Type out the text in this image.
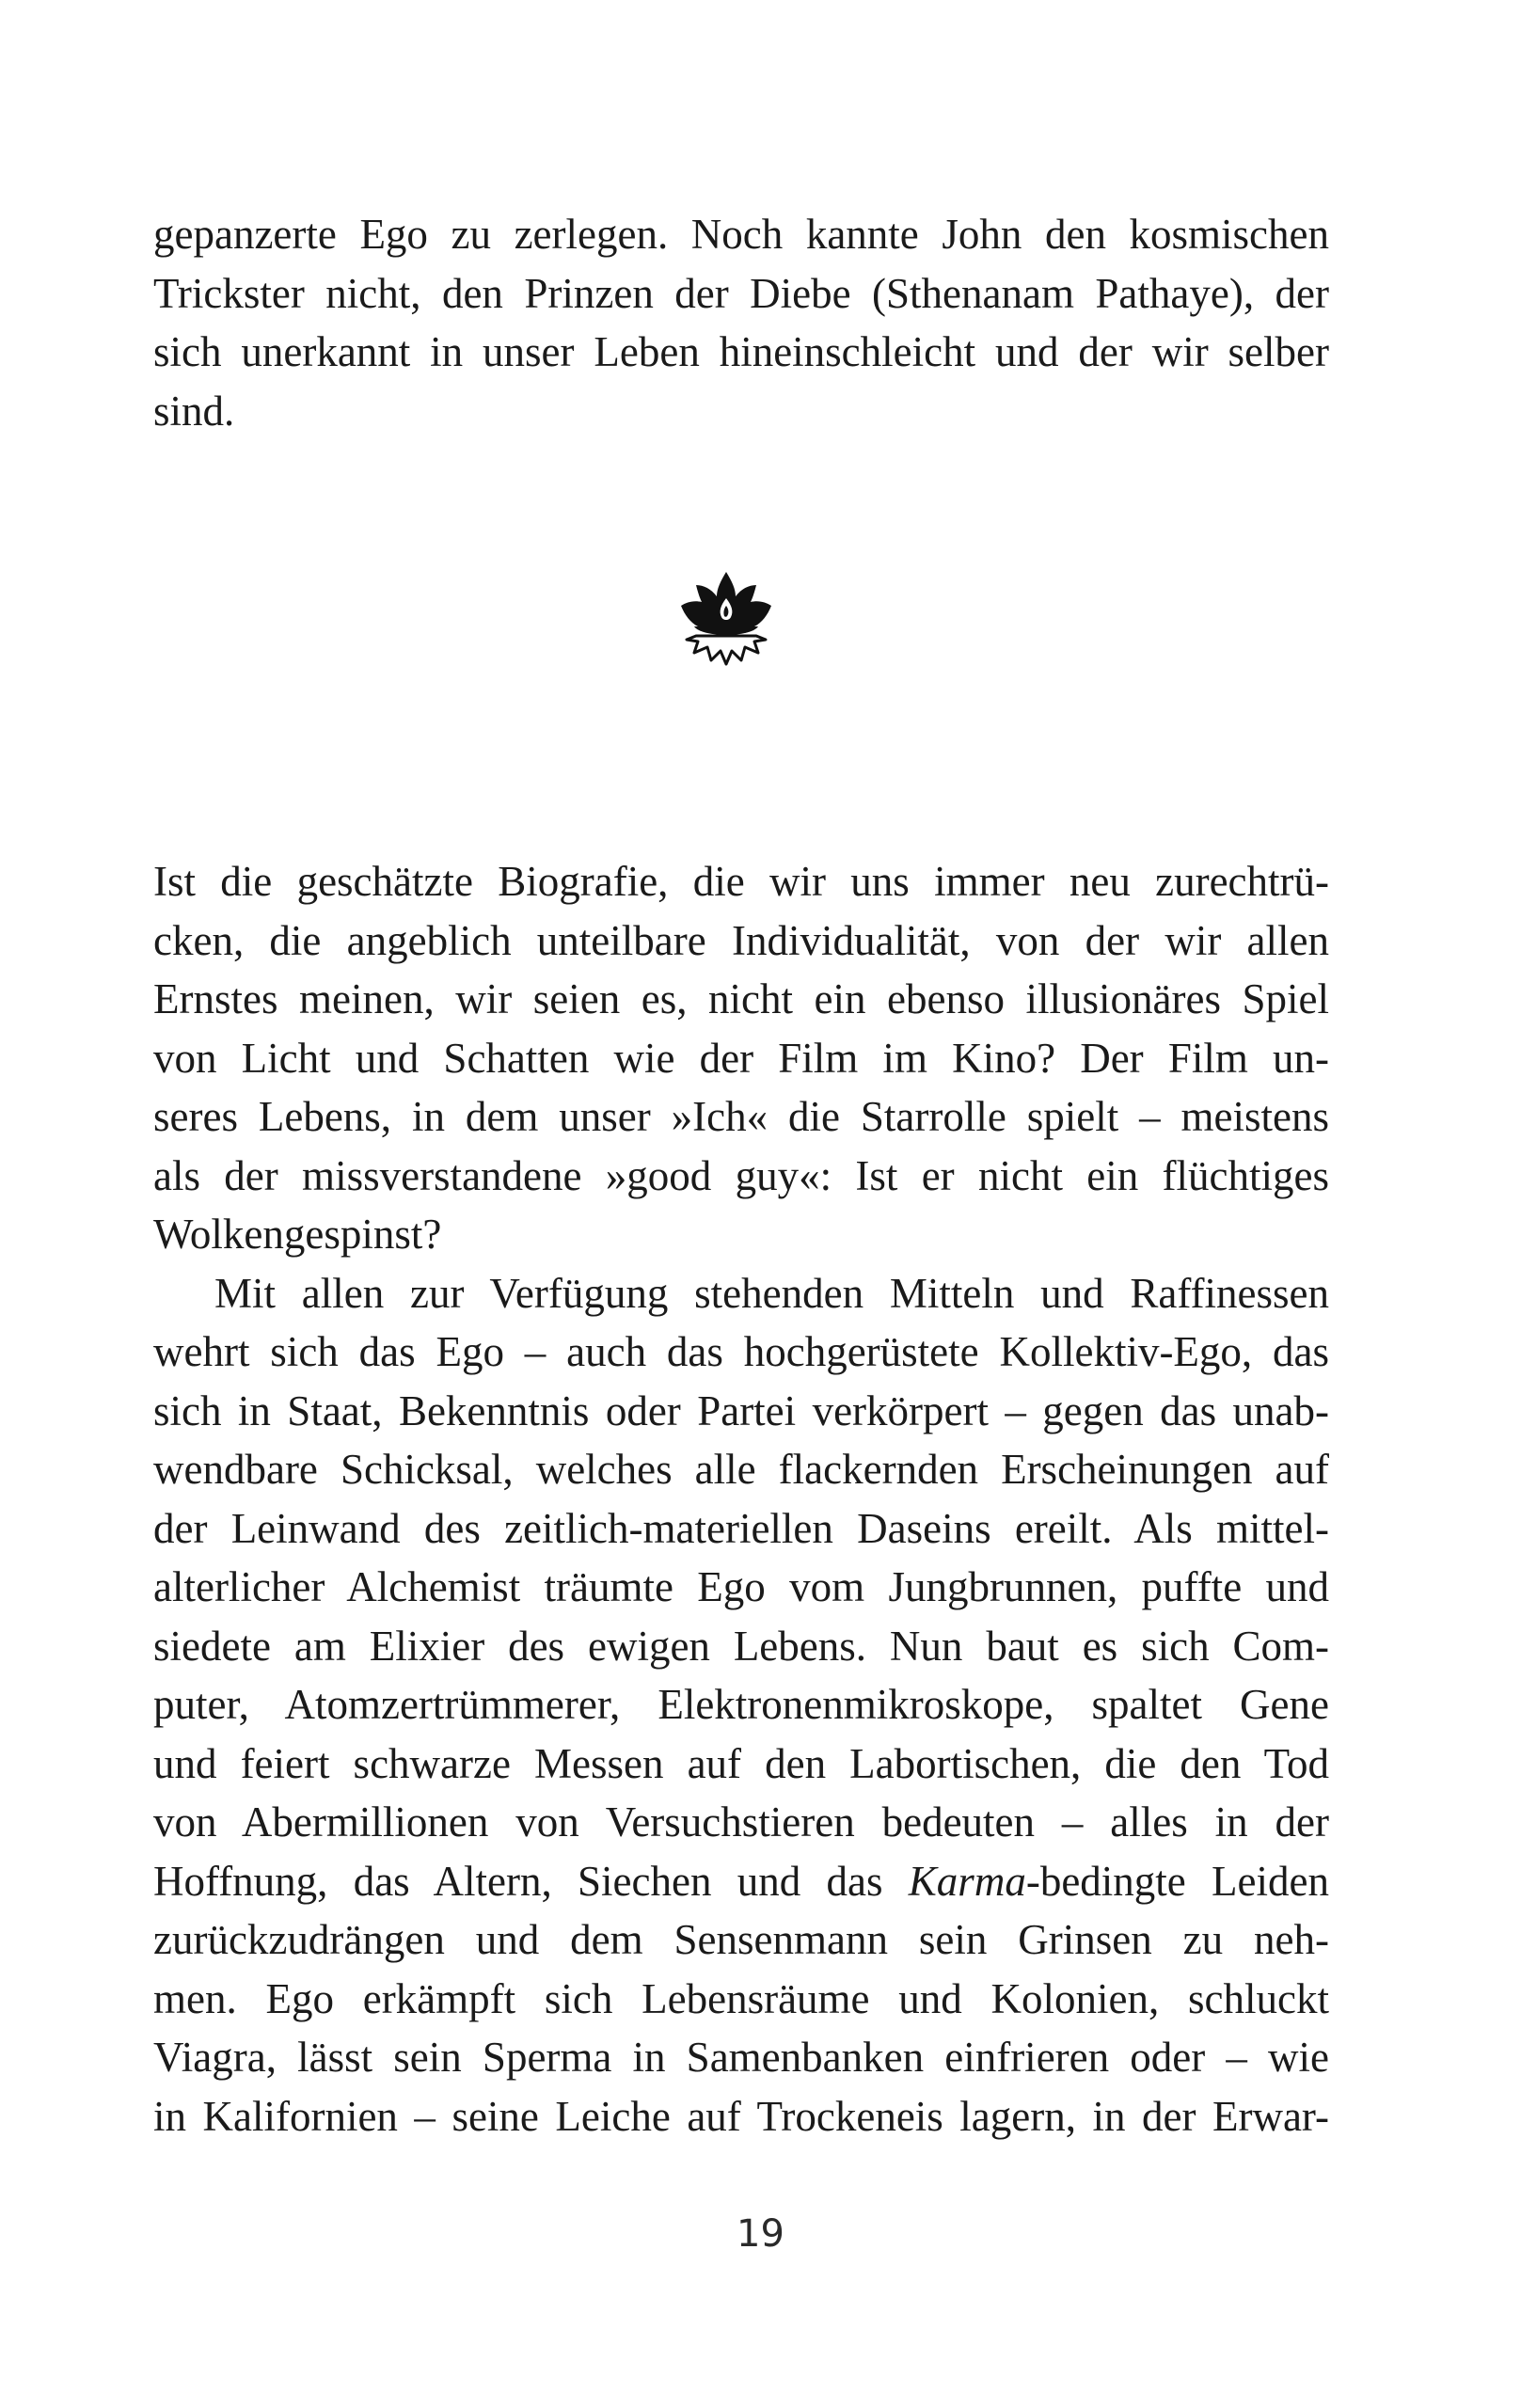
gepanzerte Ego zu zerlegen. Noch kannte John den kosmischen
Trickster nicht, den Prinzen der Diebe (Sthenanam Pathaye), der
sich unerkannt in unser Leben hineinschleicht und der wir selber
sind.
Ist die geschätzte Biografie, die wir uns immer neu zurechtrü-
cken, die angeblich unteilbare Individualität, von der wir allen
Ernstes meinen, wir seien es, nicht ein ebenso illusionäres Spiel
von Licht und Schatten wie der Film im Kino? Der Film un-
seres Lebens, in dem unser »Ich« die Starrolle spielt – meistens
als der missverstandene »good guy«: Ist er nicht ein flüchtiges
Wolkengespinst?
Mit allen zur Verfügung stehenden Mitteln und Raffinessen
wehrt sich das Ego – auch das hochgerüstete Kollektiv-Ego, das
sich in Staat, Bekenntnis oder Partei verkörpert – gegen das unab-
wendbare Schicksal, welches alle flackernden Erscheinungen auf
der Leinwand des zeitlich-materiellen Daseins ereilt. Als mittel-
alterlicher Alchemist träumte Ego vom Jungbrunnen, puffte und
siedete am Elixier des ewigen Lebens. Nun baut es sich Com-
puter, Atomzertrümmerer, Elektronenmikroskope, spaltet Gene
und feiert schwarze Messen auf den Labortischen, die den Tod
von Abermillionen von Versuchstieren bedeuten – alles in der
Hoffnung, das Altern, Siechen und das Karma-bedingte Leiden
zurückzudrängen und dem Sensenmann sein Grinsen zu neh-
men. Ego erkämpft sich Lebensräume und Kolonien, schluckt
Viagra, lässt sein Sperma in Samenbanken einfrieren oder – wie
in Kalifornien – seine Leiche auf Trockeneis lagern, in der Erwar-
19
